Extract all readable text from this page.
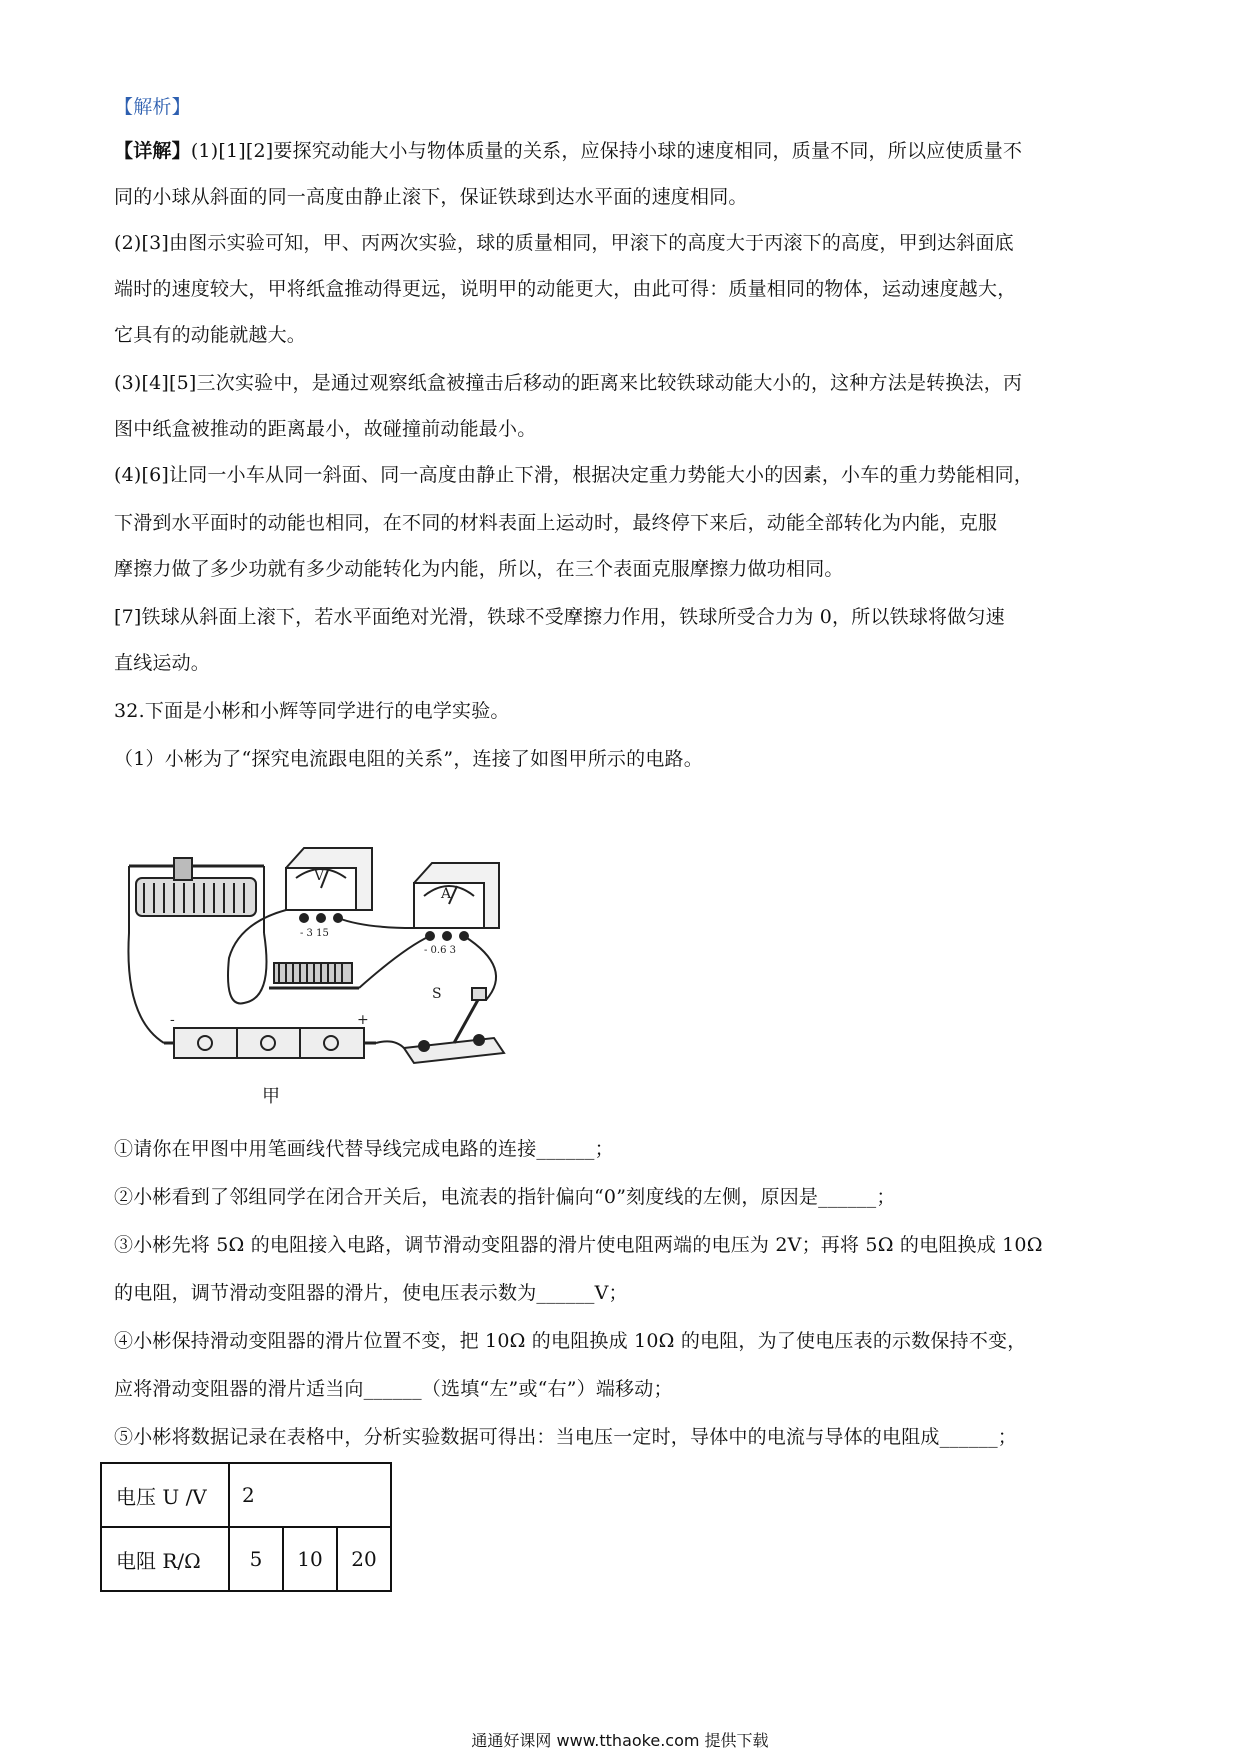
【解析】
【详解】(1)[1][2]要探究动能大小与物体质量的关系，应保持小球的速度相同，质量不同，所以应使质量不
同的小球从斜面的同一高度由静止滚下，保证铁球到达水平面的速度相同。
(2)[3]由图示实验可知，甲、丙两次实验，球的质量相同，甲滚下的高度大于丙滚下的高度，甲到达斜面底
端时的速度较大，甲将纸盒推动得更远，说明甲的动能更大，由此可得：质量相同的物体，运动速度越大，
它具有的动能就越大。
(3)[4][5]三次实验中，是通过观察纸盒被撞击后移动的距离来比较铁球动能大小的，这种方法是转换法，丙
图中纸盒被推动的距离最小，故碰撞前动能最小。
(4)[6]让同一小车从同一斜面、同一高度由静止下滑，根据决定重力势能大小的因素，小车的重力势能相同，
下滑到水平面时的动能也相同，在不同的材料表面上运动时，最终停下来后，动能全部转化为内能，克服
摩擦力做了多少功就有多少动能转化为内能，所以，在三个表面克服摩擦力做功相同。
[7]铁球从斜面上滚下，若水平面绝对光滑，铁球不受摩擦力作用，铁球所受合力为 0，所以铁球将做匀速
直线运动。
32.下面是小彬和小辉等同学进行的电学实验。
（1）小彬为了“探究电流跟电阻的关系”，连接了如图甲所示的电路。
V
- 3 15
A
- 0.6 3
S
-	+
甲
①请你在甲图中用笔画线代替导线完成电路的连接______；
②小彬看到了邻组同学在闭合开关后，电流表的指针偏向“0”刻度线的左侧，原因是______；
③小彬先将 5Ω 的电阻接入电路，调节滑动变阻器的滑片使电阻两端的电压为 2V；再将 5Ω 的电阻换成 10Ω
的电阻，调节滑动变阻器的滑片，使电压表示数为______V；
④小彬保持滑动变阻器的滑片位置不变，把 10Ω 的电阻换成 10Ω 的电阻，为了使电压表的示数保持不变，
应将滑动变阻器的滑片适当向______（选填“左”或“右”）端移动；
⑤小彬将数据记录在表格中，分析实验数据可得出：当电压一定时，导体中的电流与导体的电阻成______；
电压 U /V	2		
电阻 R/Ω	5	10	20
通通好课网 www.tthaoke.com 提供下载
